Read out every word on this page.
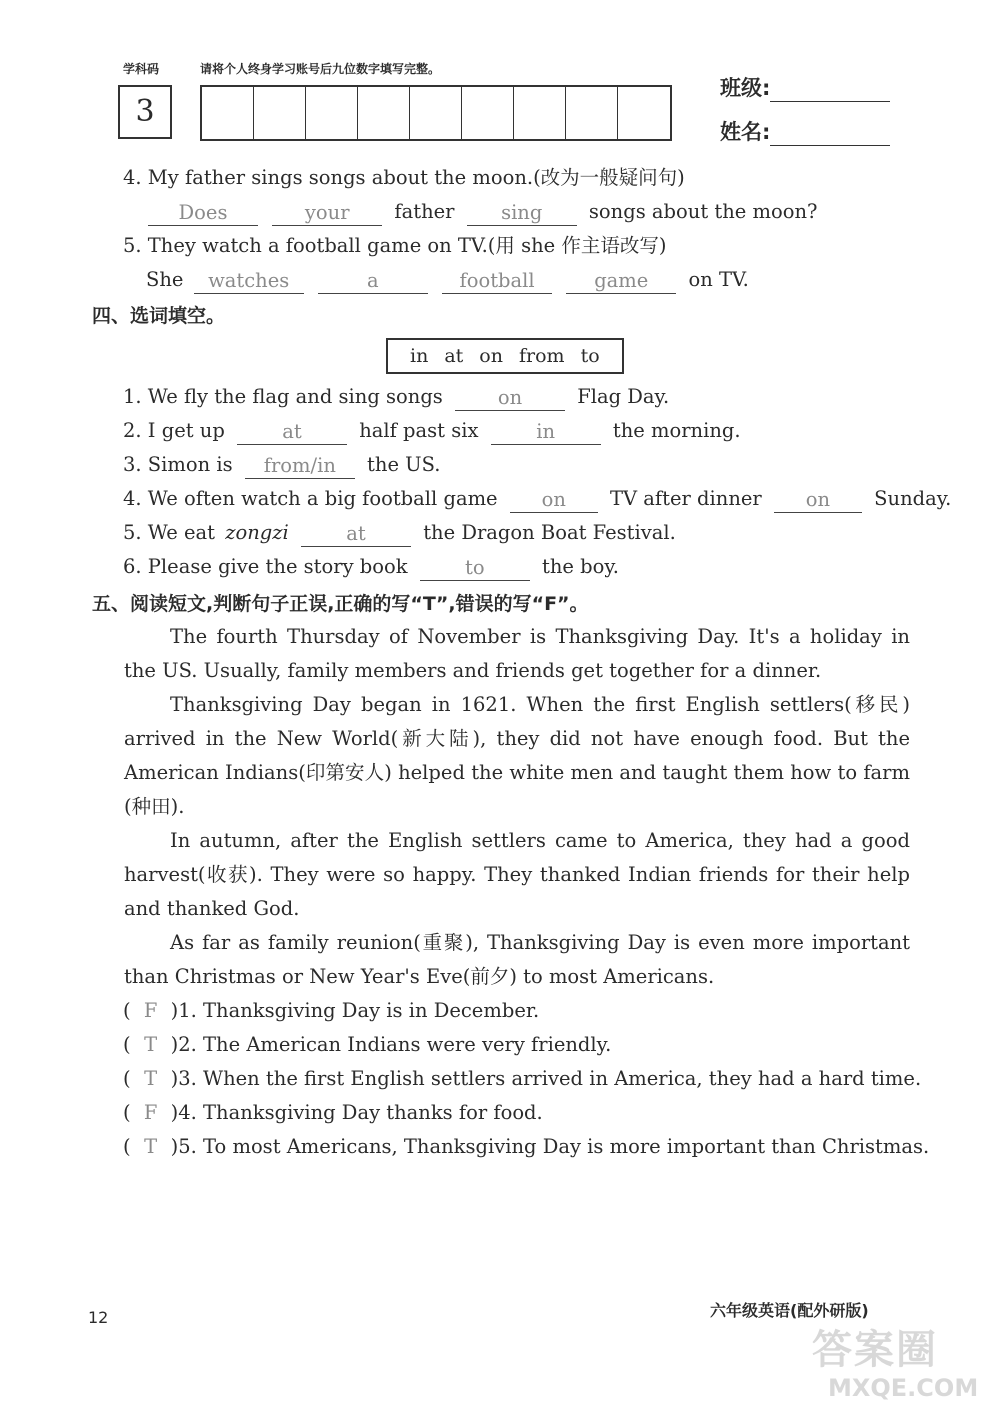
学科码	请将个人终身学习账号后九位数字填写完整。
3
班级:
姓名:
4. My father sings songs about the moon.(改为一般疑问句)
Does	your father sing songs about the moon?
5. They watch a football game on TV.(用 she 作主语改写)
She watches	a	football	game on TV.
四、选词填空。
in at on from to
1. We fly the flag and sing songs	on	Flag Day.
2. I get up	at	half past six	in	the morning.
3. Simon is from/in the US.
4. We often watch a big football game on TV after dinner on Sunday.
5. We eat zongzi	at	the Dragon Boat Festival.
6. Please give the story book	to	the boy.
五、阅读短文,判断句子正误,正确的写“T”,错误的写“F”。

The fourth Thursday of November is Thanksgiving Day. It's a holiday in the US. Usually, family members and friends get together for a dinner.

Thanksgiving Day began in 1621. When the first English settlers(移民) arrived in the New World(新大陆), they did not have enough food. But the American Indians(印第安人) helped the white men and taught them how to farm (种田).

In autumn, after the English settlers came to America, they had a good harvest(收获). They were so happy. They thanked Indian friends for their help and thanked God.

As far as family reunion(重聚), Thanksgiving Day is even more important than Christmas or New Year's Eve(前夕) to most Americans.

( F )1. Thanksgiving Day is in December.
( T )2. The American Indians were very friendly.
( T )3. When the first English settlers arrived in America, they had a hard time.
( F )4. Thanksgiving Day thanks for food.
( T )5. To most Americans, Thanksgiving Day is more important than Christmas.
12	六年级英语(配外研版)
答案圈
MXQE.COM
